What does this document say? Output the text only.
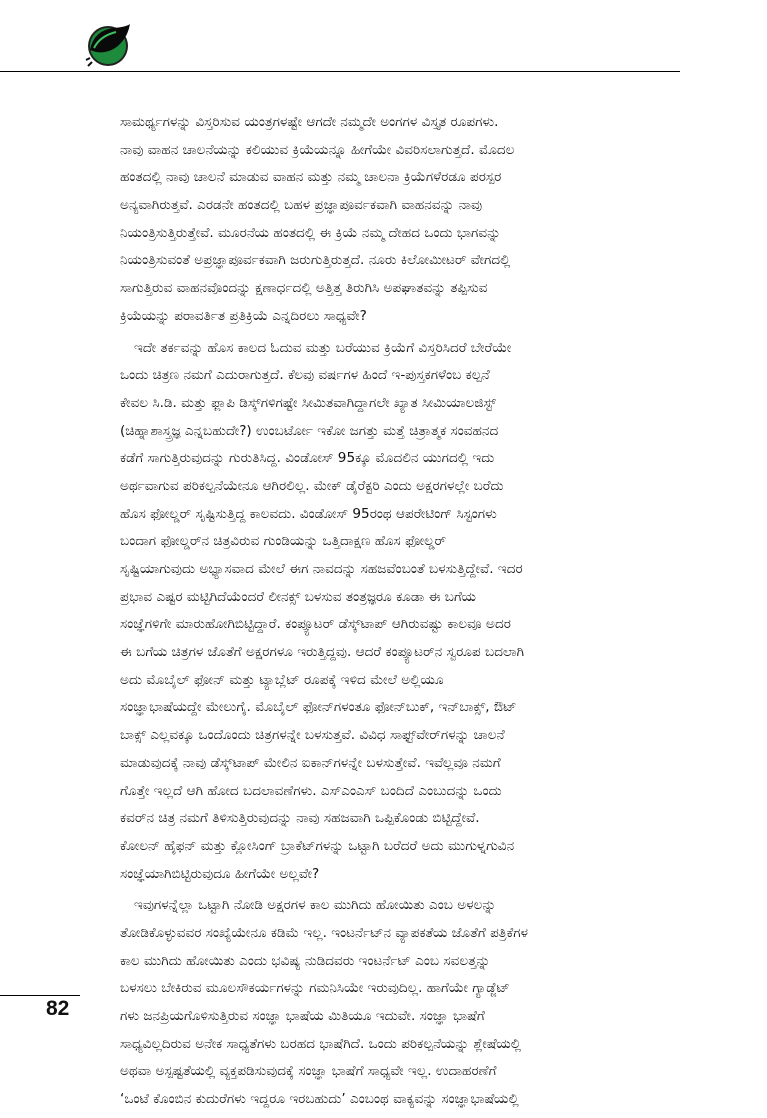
ಸಾಮರ್ಥ್ಯಗಳನ್ನು ವಿಸ್ತರಿಸುವ ಯಂತ್ರಗಳಷ್ಟೇ ಆಗದೇ ನಮ್ಮದೇ ಅಂಗಗಳ ವಿಸ್ತೃತ ರೂಪಗಳು.
ನಾವು ವಾಹನ ಚಾಲನೆಯನ್ನು ಕಲಿಯುವ ಕ್ರಿಯೆಯನ್ನೂ ಹೀಗೆಯೇ ವಿವರಿಸಲಾಗುತ್ತದೆ. ಮೊದಲ
ಹಂತದಲ್ಲಿ ನಾವು ಚಾಲನೆ ಮಾಡುವ ವಾಹನ ಮತ್ತು ನಮ್ಮ ಚಾಲನಾ ಕ್ರಿಯೆಗಳೆರಡೂ ಪರಸ್ಪರ
ಅನ್ಯವಾಗಿರುತ್ತವೆ. ಎರಡನೇ ಹಂತದಲ್ಲಿ ಬಹಳ ಪ್ರಜ್ಞಾಪೂರ್ವಕವಾಗಿ ವಾಹನವನ್ನು ನಾವು
ನಿಯಂತ್ರಿಸುತ್ತಿರುತ್ತೇವೆ. ಮೂರನೆಯ ಹಂತದಲ್ಲಿ ಈ ಕ್ರಿಯೆ ನಮ್ಮ ದೇಹದ ಒಂದು ಭಾಗವನ್ನು
ನಿಯಂತ್ರಿಸುವಂತೆ ಅಪ್ರಜ್ಞಾಪೂರ್ವಕವಾಗಿ ಜರುಗುತ್ತಿರುತ್ತದೆ. ನೂರು ಕಿಲೋಮೀಟರ್ ವೇಗದಲ್ಲಿ
ಸಾಗುತ್ತಿರುವ ವಾಹನವೊಂದನ್ನು ಕ್ಷಣಾರ್ಧದಲ್ಲಿ ಅತ್ತಿತ್ತ ತಿರುಗಿಸಿ ಅಪಘಾತವನ್ನು ತಪ್ಪಿಸುವ
ಕ್ರಿಯೆಯನ್ನು ಪರಾವರ್ತಿತ ಪ್ರತಿಕ್ರಿಯೆ ಎನ್ನದಿರಲು ಸಾಧ್ಯವೇ?
ಇದೇ ತರ್ಕವನ್ನು ಹೊಸ ಕಾಲದ ಓದುವ ಮತ್ತು ಬರೆಯುವ ಕ್ರಿಯೆಗೆ ವಿಸ್ತರಿಸಿದರೆ ಬೇರೆಯೇ
ಒಂದು ಚಿತ್ರಣ ನಮಗೆ ಎದುರಾಗುತ್ತದೆ. ಕೆಲವು ವರ್ಷಗಳ ಹಿಂದೆ ಇ-ಪುಸ್ತಕಗಳೆಂಬ ಕಲ್ಪನೆ
ಕೇವಲ ಸಿ.ಡಿ. ಮತ್ತು ಫ್ಲಾಪಿ ಡಿಸ್ಕ್‌ಗಳಿಗಷ್ಟೇ ಸೀಮಿತವಾಗಿದ್ದಾಗಲೇ ಖ್ಯಾತ ಸೀಮಿಯಾಲಜಿಸ್ಟ್
(ಚಿಹ್ನಾಶಾಸ್ತ್ರಜ್ಞ ಎನ್ನಬಹುದೇ?) ಉಂಬರ್ಟೋ ಇಕೋ ಜಗತ್ತು ಮತ್ತೆ ಚಿತ್ರಾತ್ಮಕ ಸಂವಹನದ
ಕಡೆಗೆ ಸಾಗುತ್ತಿರುವುದನ್ನು ಗುರುತಿಸಿದ್ದ. ವಿಂಡೋಸ್ 95ಕ್ಕೂ ಮೊದಲಿನ ಯುಗದಲ್ಲಿ ಇದು
ಅರ್ಥವಾಗುವ ಪರಿಕಲ್ಪನೆಯೇನೂ ಆಗಿರಲಿಲ್ಲ. ಮೇಕ್ ಡೈರೆಕ್ಟರಿ ಎಂದು ಅಕ್ಷರಗಳಲ್ಲೇ ಬರೆದು
ಹೊಸ ಫೋಲ್ಡರ್ ಸೃಷ್ಟಿಸುತ್ತಿದ್ದ ಕಾಲವದು. ವಿಂಡೋಸ್ 95ರಂಥ ಆಪರೇಟಿಂಗ್ ಸಿಸ್ಟಂಗಳು
ಬಂದಾಗ ಫೋಲ್ಡರ್‌ನ ಚಿತ್ರವಿರುವ ಗುಂಡಿಯನ್ನು ಒತ್ತಿದಾಕ್ಷಣ ಹೊಸ ಫೋಲ್ಡರ್
ಸೃಷ್ಟಿಯಾಗುವುದು ಅಭ್ಯಾಸವಾದ ಮೇಲೆ ಈಗ ನಾವದನ್ನು ಸಹಜವೆಂಬಂತೆ ಬಳಸುತ್ತಿದ್ದೇವೆ. ಇದರ
ಪ್ರಭಾವ ಎಷ್ಟರ ಮಟ್ಟಿಗಿದೆಯೆಂದರೆ ಲೀನಕ್ಸ್ ಬಳಸುವ ತಂತ್ರಜ್ಞರೂ ಕೂಡಾ ಈ ಬಗೆಯ
ಸಂಜ್ಞೆಗಳಿಗೇ ಮಾರುಹೋಗಿಬಿಟ್ಟಿದ್ದಾರೆ. ಕಂಪ್ಯೂಟರ್ ಡೆಸ್ಕ್‌ಟಾಪ್ ಆಗಿರುವಷ್ಟು ಕಾಲವೂ ಅದರ
ಈ ಬಗೆಯ ಚಿತ್ರಗಳ ಜೊತೆಗೆ ಅಕ್ಷರಗಳೂ ಇರುತ್ತಿದ್ದವು. ಆದರೆ ಕಂಪ್ಯೂಟರ್‌ನ ಸ್ವರೂಪ ಬದಲಾಗಿ
ಅದು ಮೊಬೈಲ್ ಫೋನ್ ಮತ್ತು ಟ್ಯಾಬ್ಲೆಟ್ ರೂಪಕ್ಕೆ ಇಳಿದ ಮೇಲೆ ಅಲ್ಲಿಯೂ
ಸಂಜ್ಞಾಭಾಷೆಯದ್ದೇ ಮೇಲುಗೈ. ಮೊಬೈಲ್ ಫೋನ್‌ಗಳಂತೂ ಫೋನ್‌ಬುಕ್, ಇನ್‌ಬಾಕ್ಸ್, ಔಟ್
ಬಾಕ್ಸ್ ಎಲ್ಲವಕ್ಕೂ ಒಂದೊಂದು ಚಿತ್ರಗಳನ್ನೇ ಬಳಸುತ್ತವೆ. ವಿವಿಧ ಸಾಫ್ಟ್‌ವೇರ್‌ಗಳನ್ನು ಚಾಲನೆ
ಮಾಡುವುದಕ್ಕೆ ನಾವು ಡೆಸ್ಕ್‌ಟಾಪ್ ಮೇಲಿನ ಐಕಾನ್‌ಗಳನ್ನೇ ಬಳಸುತ್ತೇವೆ. ಇವೆಲ್ಲವೂ ನಮಗೆ
ಗೊತ್ತೇ ಇಲ್ಲದೆ ಆಗಿ ಹೋದ ಬದಲಾವಣೆಗಳು. ಎಸ್‌ಎಂಎಸ್ ಬಂದಿದೆ ಎಂಬುದನ್ನು ಒಂದು
ಕವರ್‌ನ ಚಿತ್ರ ನಮಗೆ ತಿಳಿಸುತ್ತಿರುವುದನ್ನು ನಾವು ಸಹಜವಾಗಿ ಒಪ್ಪಿಕೊಂಡು ಬಿಟ್ಟಿದ್ದೇವೆ.
ಕೋಲನ್ ಹೈಫನ್ ಮತ್ತು ಕ್ಲೋಸಿಂಗ್ ಬ್ರಾಕೆಟ್‌ಗಳನ್ನು ಒಟ್ಟಾಗಿ ಬರೆದರೆ ಅದು ಮುಗುಳ್ನಗುವಿನ
ಸಂಜ್ಞೆಯಾಗಿಬಿಟ್ಟಿರುವುದೂ ಹೀಗೆಯೇ ಅಲ್ಲವೇ?
ಇವುಗಳನ್ನೆಲ್ಲಾ ಒಟ್ಟಾಗಿ ನೋಡಿ ಅಕ್ಷರಗಳ ಕಾಲ ಮುಗಿದು ಹೋಯಿತು ಎಂಬ ಅಳಲನ್ನು
ತೋಡಿಕೊಳ್ಳುವವರ ಸಂಖ್ಯೆಯೇನೂ ಕಡಿಮೆ ಇಲ್ಲ. ಇಂಟರ್ನೆಟ್‌ನ ವ್ಯಾಪಕತೆಯ ಜೊತೆಗೆ ಪತ್ರಿಕೆಗಳ
ಕಾಲ ಮುಗಿದು ಹೋಯಿತು ಎಂದು ಭವಿಷ್ಯ ನುಡಿದವರು ಇಂಟರ್ನೆಟ್ ಎಂಬ ಸವಲತ್ತನ್ನು
ಬಳಸಲು ಬೇಕಿರುವ ಮೂಲಸೌಕರ್ಯಗಳನ್ನು ಗಮನಿಸಿಯೇ ಇರುವುದಿಲ್ಲ. ಹಾಗೆಯೇ ಗ್ಯಾಡ್ಜೆಟ್
ಗಳು ಜನಪ್ರಿಯಗೊಳಿಸುತ್ತಿರುವ ಸಂಜ್ಞಾ ಭಾಷೆಯ ಮಿತಿಯೂ ಇದುವೇ. ಸಂಜ್ಞಾ ಭಾಷೆಗೆ
ಸಾಧ್ಯವಿಲ್ಲದಿರುವ ಅನೇಕ ಸಾಧ್ಯತೆಗಳು ಬರಹದ ಭಾಷೆಗಿದೆ. ಒಂದು ಪರಿಕಲ್ಪನೆಯನ್ನು ಶ್ಲೇಷೆಯಲ್ಲಿ
ಅಥವಾ ಅಸ್ಪಷ್ಟತೆಯಲ್ಲಿ ವ್ಯಕ್ತಪಡಿಸುವುದಕ್ಕೆ ಸಂಜ್ಞಾ ಭಾಷೆಗೆ ಸಾಧ್ಯವೇ ಇಲ್ಲ. ಉದಾಹರಣೆಗೆ
‘ಒಂಟೆ ಕೊಂಬಿನ ಕುದುರೆಗಳು ಇದ್ದರೂ ಇರಬಹುದು’ ಎಂಬಂಥ ವಾಕ್ಯವನ್ನು ಸಂಜ್ಞಾಭಾಷೆಯಲ್ಲಿ
82
